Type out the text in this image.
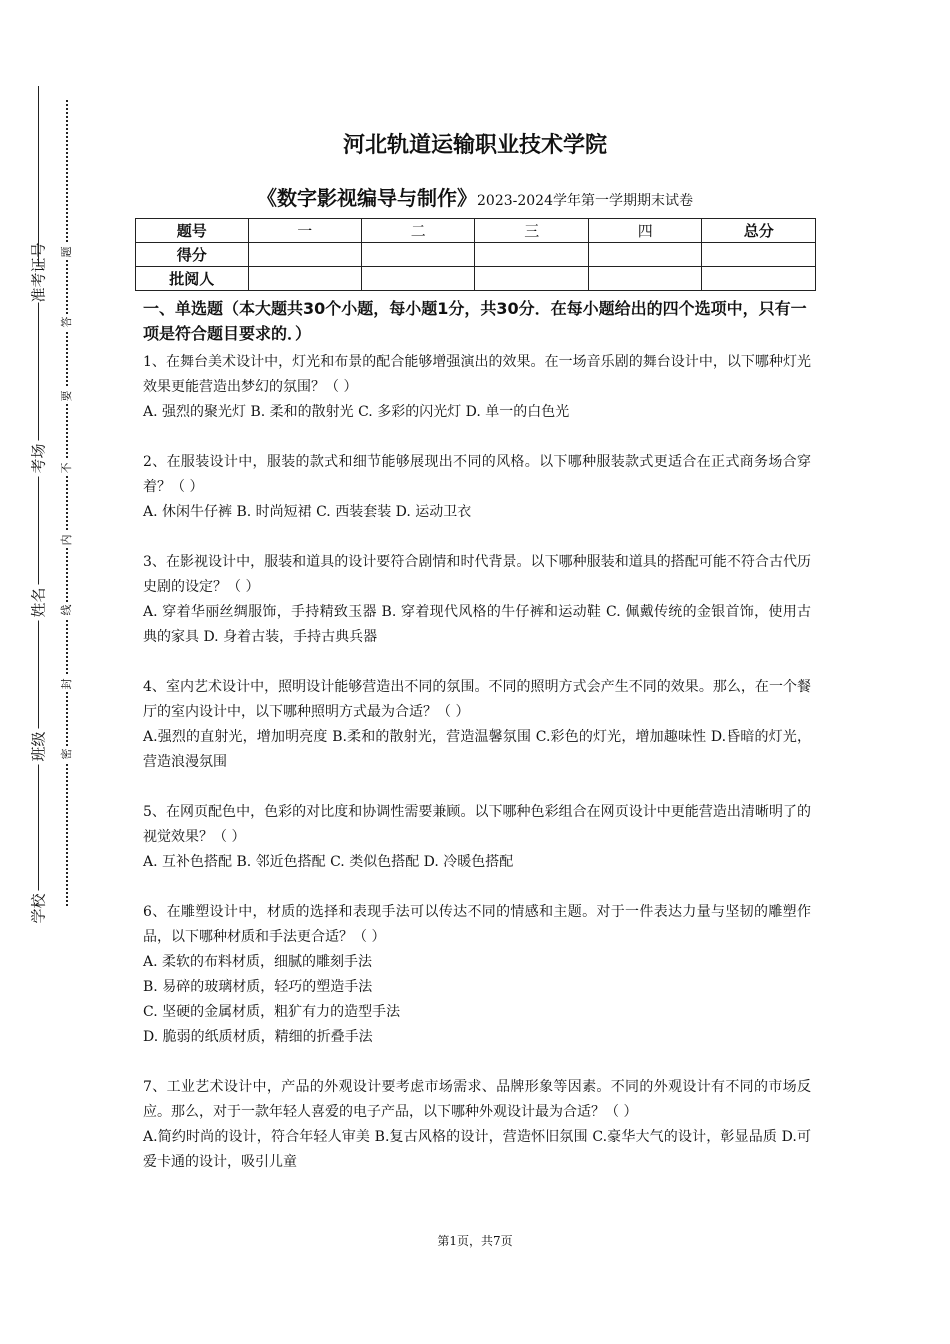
准考证号
考场
姓名
班级
学校
题
答
要
不
内
线
封
密
河北轨道运输职业技术学院
《数字影视编导与制作》2023-2024学年第一学期期末试卷
题号	一	二	三	四	总分
得分					
批阅人					

一、单选题（本大题共30个小题，每小题1分，共30分．在每小题给出的四个选项中，只有一项是符合题目要求的．）

1、在舞台美术设计中，灯光和布景的配合能够增强演出的效果。在一场音乐剧的舞台设计中，以下哪种灯光效果更能营造出梦幻的氛围？（ ）

A. 强烈的聚光灯 B. 柔和的散射光 C. 多彩的闪光灯 D. 单一的白色光

2、在服装设计中，服装的款式和细节能够展现出不同的风格。以下哪种服装款式更适合在正式商务场合穿着？（ ）

A. 休闲牛仔裤 B. 时尚短裙 C. 西装套装 D. 运动卫衣

3、在影视设计中，服装和道具的设计要符合剧情和时代背景。以下哪种服装和道具的搭配可能不符合古代历史剧的设定？（ ）

A. 穿着华丽丝绸服饰，手持精致玉器 B. 穿着现代风格的牛仔裤和运动鞋 C. 佩戴传统的金银首饰，使用古典的家具 D. 身着古装，手持古典兵器

4、室内艺术设计中，照明设计能够营造出不同的氛围。不同的照明方式会产生不同的效果。那么，在一个餐厅的室内设计中，以下哪种照明方式最为合适？（ ）

A.强烈的直射光，增加明亮度 B.柔和的散射光，营造温馨氛围 C.彩色的灯光，增加趣味性 D.昏暗的灯光，营造浪漫氛围

5、在网页配色中，色彩的对比度和协调性需要兼顾。以下哪种色彩组合在网页设计中更能营造出清晰明了的视觉效果？（ ）

A. 互补色搭配 B. 邻近色搭配 C. 类似色搭配 D. 冷暖色搭配

6、在雕塑设计中，材质的选择和表现手法可以传达不同的情感和主题。对于一件表达力量与坚韧的雕塑作品，以下哪种材质和手法更合适？（ ）

A. 柔软的布料材质，细腻的雕刻手法

B. 易碎的玻璃材质，轻巧的塑造手法

C. 坚硬的金属材质，粗犷有力的造型手法

D. 脆弱的纸质材质，精细的折叠手法

7、工业艺术设计中，产品的外观设计要考虑市场需求、品牌形象等因素。不同的外观设计有不同的市场反应。那么，对于一款年轻人喜爱的电子产品，以下哪种外观设计最为合适？（ ）

A.简约时尚的设计，符合年轻人审美 B.复古风格的设计，营造怀旧氛围 C.豪华大气的设计，彰显品质 D.可爱卡通的设计，吸引儿童

第1页，共7页
